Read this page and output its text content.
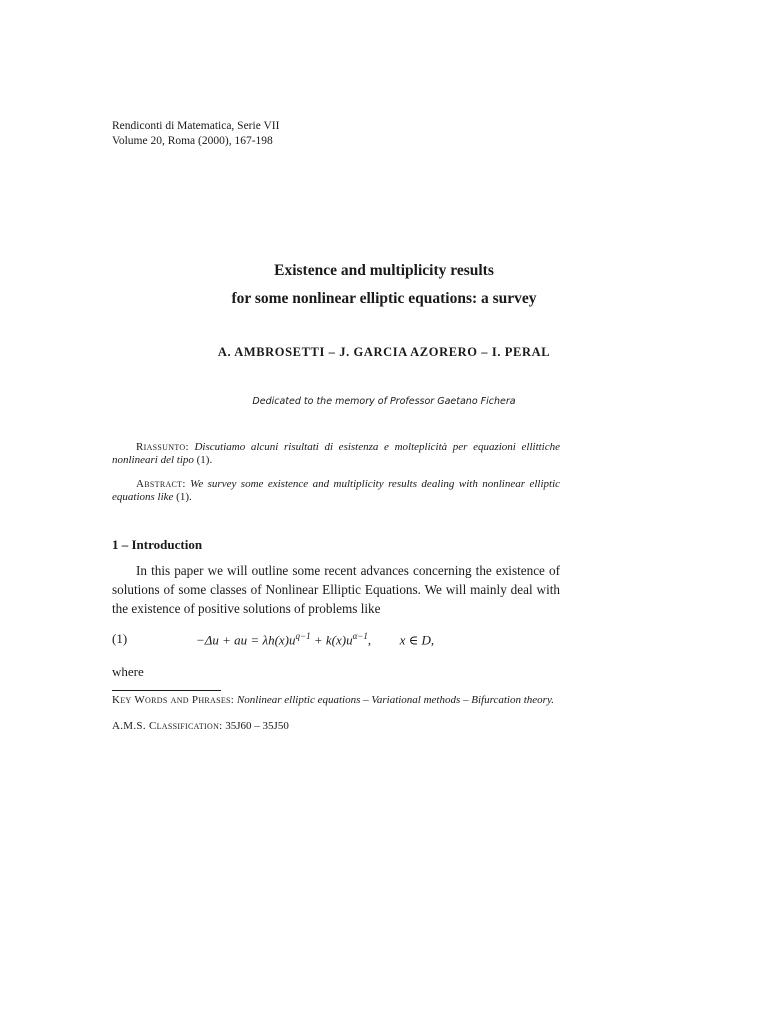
Rendiconti di Matematica, Serie VII
Volume 20, Roma (2000), 167-198
Existence and multiplicity results
for some nonlinear elliptic equations: a survey
A. AMBROSETTI – J. GARCIA AZORERO – I. PERAL
Dedicated to the memory of Professor Gaetano Fichera
Riassunto: Discutiamo alcuni risultati di esistenza e molteplicità per equazioni ellittiche nonlineari del tipo (1).
Abstract: We survey some existence and multiplicity results dealing with nonlinear elliptic equations like (1).
1 – Introduction
In this paper we will outline some recent advances concerning the existence of solutions of some classes of Nonlinear Elliptic Equations. We will mainly deal with the existence of positive solutions of problems like
(1)	−Δu + au = $\lambda h(x)u^{q-1} + k(x)u^{\alpha-1}$, x ∈ D,
where
Key Words and Phrases: Nonlinear elliptic equations – Variational methods – Bifurcation theory.
A.M.S. Classification: 35J60 – 35J50
